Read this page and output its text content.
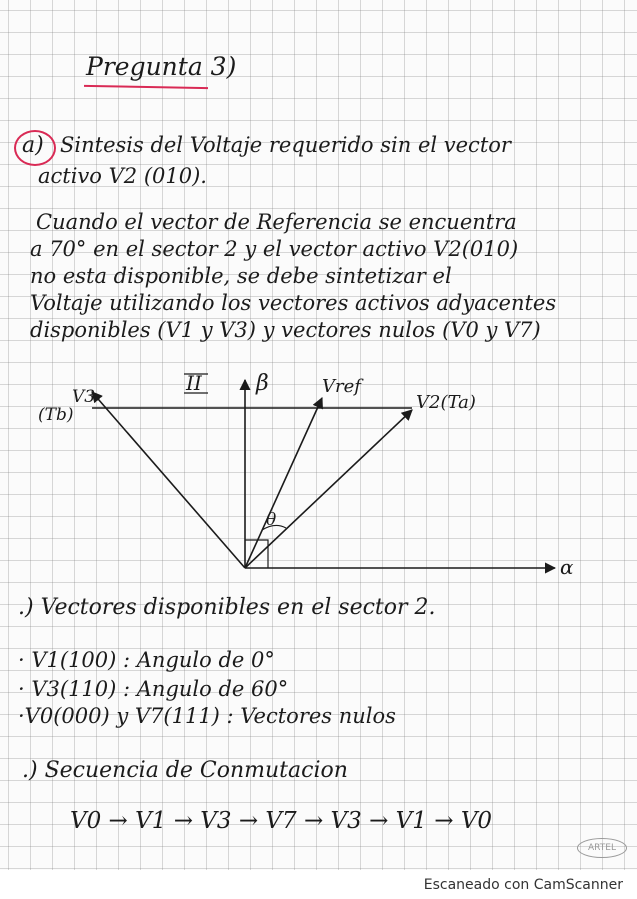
Pregunta 3)
a) Sintesis del Voltaje requerido sin el vector
activo V2 (010).
Cuando el vector de Referencia se encuentra
a 70° en el sector 2 y el vector activo V2(010)
no esta disponible, se debe sintetizar el
Voltaje utilizando los vectores activos adyacentes
disponibles (V1 y V3) y vectores nulos (V0 y V7)
II β	Vref
V2(Ta)
V3
(Tb)
θ
α
.) Vectores disponibles en el sector 2.
· V1(100) : Angulo de 0°
· V3(110) : Angulo de 60°
·V0(000) y V7(111) : Vectores nulos
.) Secuencia de Conmutacion
V0 → V1 → V3 → V7 → V3 → V1 → V0
ARTEL
Escaneado con CamScanner
